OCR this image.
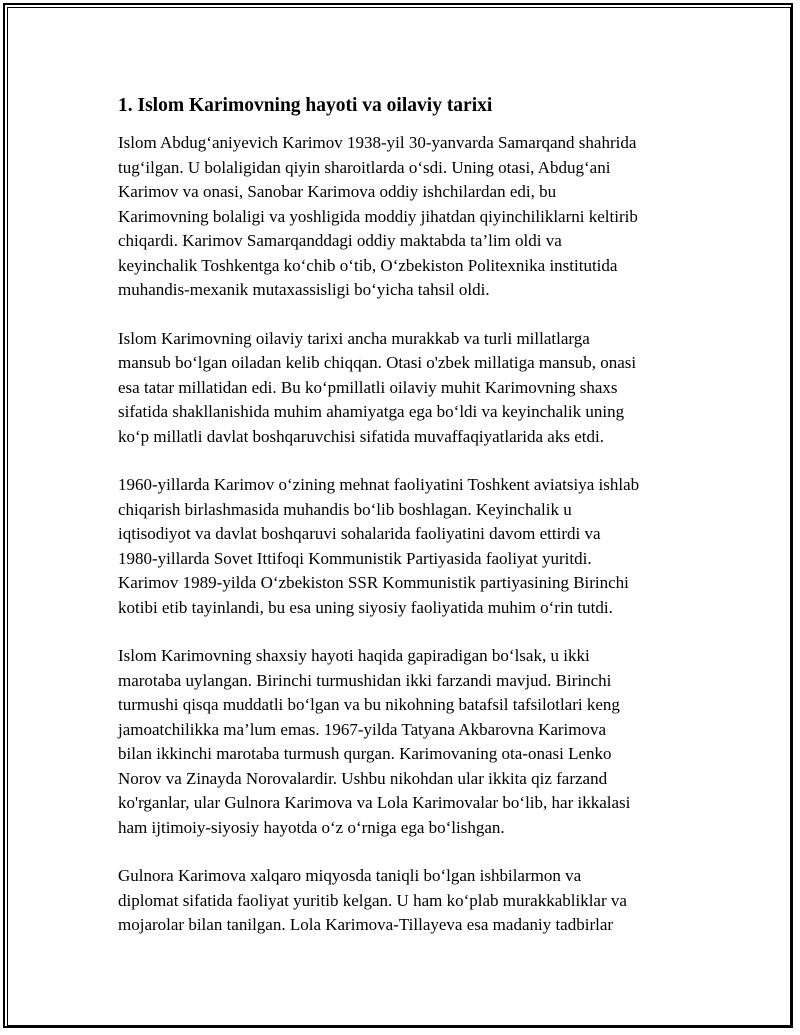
1. Islom Karimovning hayoti va oilaviy tarixi

Islom Abdug‘aniyevich Karimov 1938-yil 30-yanvarda Samarqand shahrida
tug‘ilgan. U bolaligidan qiyin sharoitlarda o‘sdi. Uning otasi, Abdug‘ani
Karimov va onasi, Sanobar Karimova oddiy ishchilardan edi, bu
Karimovning bolaligi va yoshligida moddiy jihatdan qiyinchiliklarni keltirib
chiqardi. Karimov Samarqanddagi oddiy maktabda ta’lim oldi va
keyinchalik Toshkentga ko‘chib o‘tib, O‘zbekiston Politexnika institutida
muhandis-mexanik mutaxassisligi bo‘yicha tahsil oldi.

Islom Karimovning oilaviy tarixi ancha murakkab va turli millatlarga
mansub bo‘lgan oiladan kelib chiqqan. Otasi o'zbek millatiga mansub, onasi
esa tatar millatidan edi. Bu ko‘pmillatli oilaviy muhit Karimovning shaxs
sifatida shakllanishida muhim ahamiyatga ega bo‘ldi va keyinchalik uning
ko‘p millatli davlat boshqaruvchisi sifatida muvaffaqiyatlarida aks etdi.

1960-yillarda Karimov o‘zining mehnat faoliyatini Toshkent aviatsiya ishlab
chiqarish birlashmasida muhandis bo‘lib boshlagan. Keyinchalik u
iqtisodiyot va davlat boshqaruvi sohalarida faoliyatini davom ettirdi va
1980-yillarda Sovet Ittifoqi Kommunistik Partiyasida faoliyat yuritdi.
Karimov 1989-yilda O‘zbekiston SSR Kommunistik partiyasining Birinchi
kotibi etib tayinlandi, bu esa uning siyosiy faoliyatida muhim o‘rin tutdi.

Islom Karimovning shaxsiy hayoti haqida gapiradigan bo‘lsak, u ikki
marotaba uylangan. Birinchi turmushidan ikki farzandi mavjud. Birinchi
turmushi qisqa muddatli bo‘lgan va bu nikohning batafsil tafsilotlari keng
jamoatchilikka ma’lum emas. 1967-yilda Tatyana Akbarovna Karimova
bilan ikkinchi marotaba turmush qurgan. Karimovaning ota-onasi Lenko
Norov va Zinayda Norovalardir. Ushbu nikohdan ular ikkita qiz farzand
ko'rganlar, ular Gulnora Karimova va Lola Karimovalar bo‘lib, har ikkalasi
ham ijtimoiy-siyosiy hayotda o‘z o‘rniga ega bo‘lishgan.

Gulnora Karimova xalqaro miqyosda taniqli bo‘lgan ishbilarmon va
diplomat sifatida faoliyat yuritib kelgan. U ham ko‘plab murakkabliklar va
mojarolar bilan tanilgan. Lola Karimova-Tillayeva esa madaniy tadbirlar
